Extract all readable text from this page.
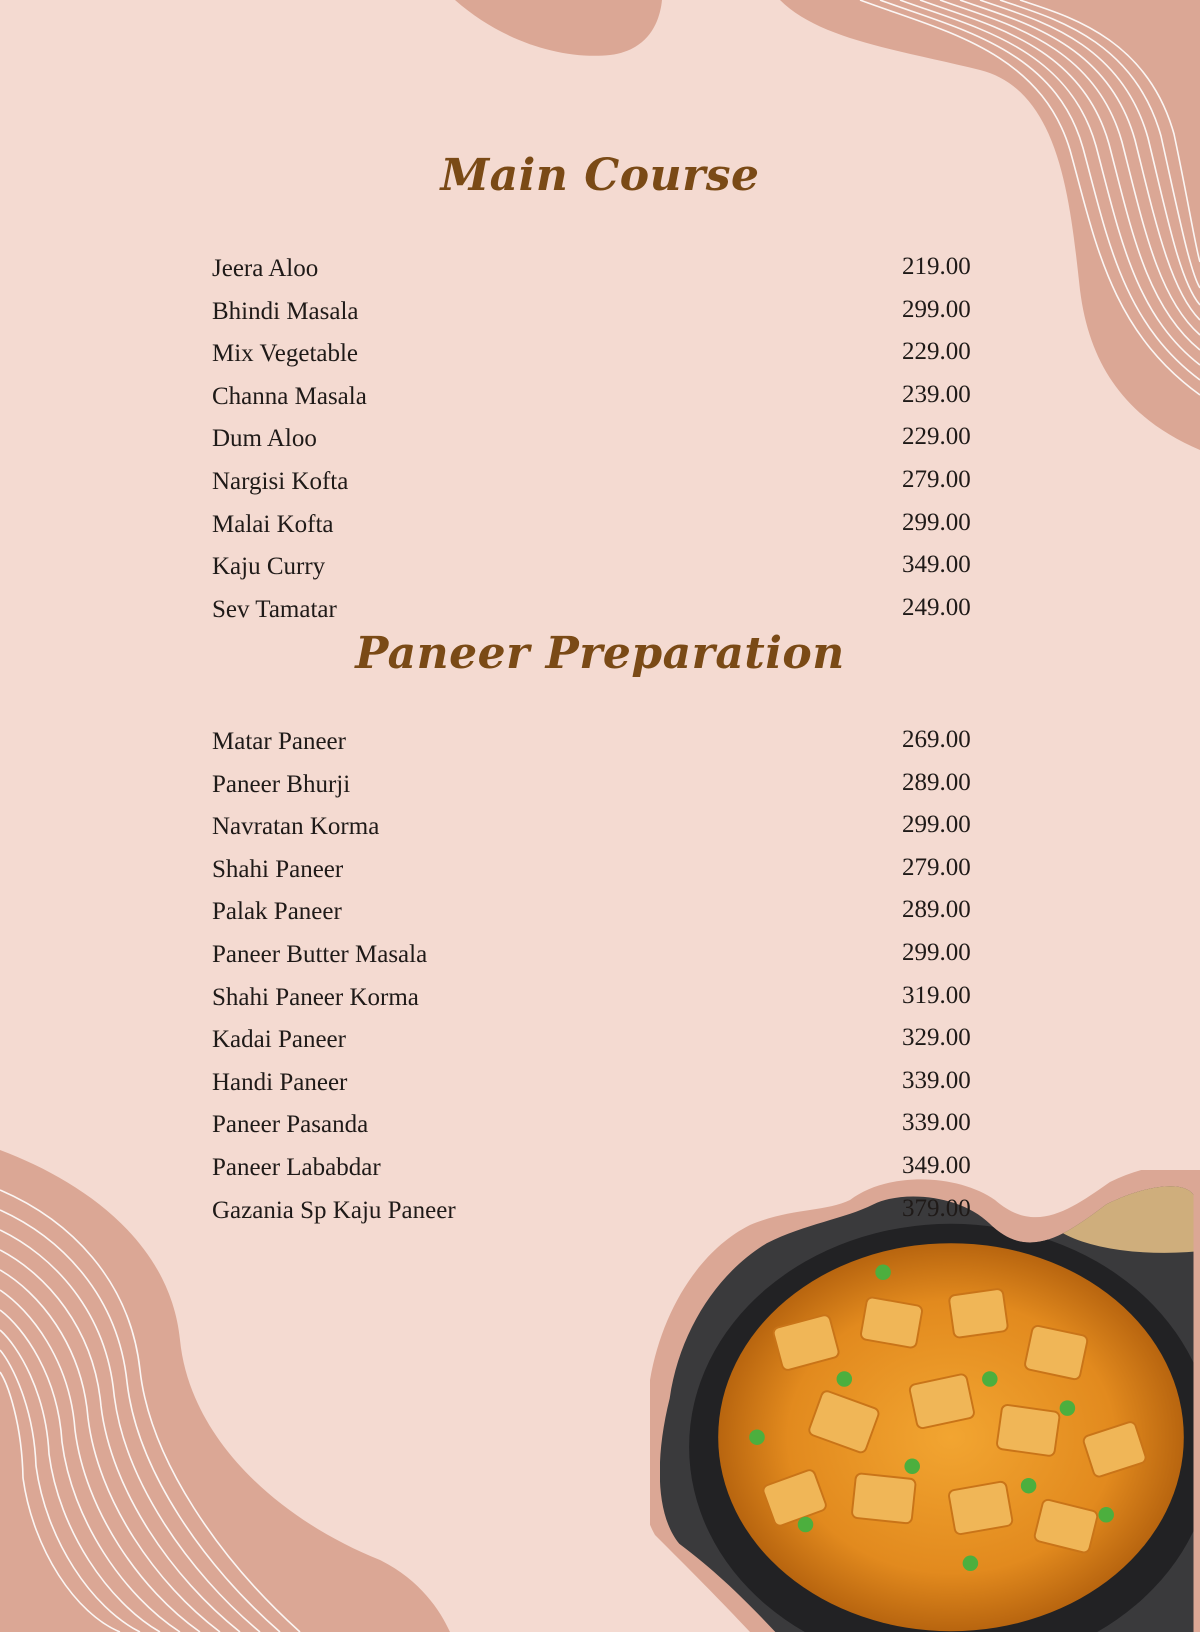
Main Course
Jeera Aloo	219.00
Bhindi Masala	299.00
Mix Vegetable	229.00
Channa Masala	239.00
Dum Aloo	229.00
Nargisi Kofta	279.00
Malai Kofta	299.00
Kaju Curry	349.00
Sev Tamatar	249.00
Paneer Preparation
Matar Paneer	269.00
Paneer Bhurji	289.00
Navratan Korma	299.00
Shahi Paneer	279.00
Palak Paneer	289.00
Paneer Butter Masala	299.00
Shahi Paneer Korma	319.00
Kadai Paneer	329.00
Handi Paneer	339.00
Paneer Pasanda	339.00
Paneer Lababdar	349.00
Gazania Sp Kaju Paneer	379.00
